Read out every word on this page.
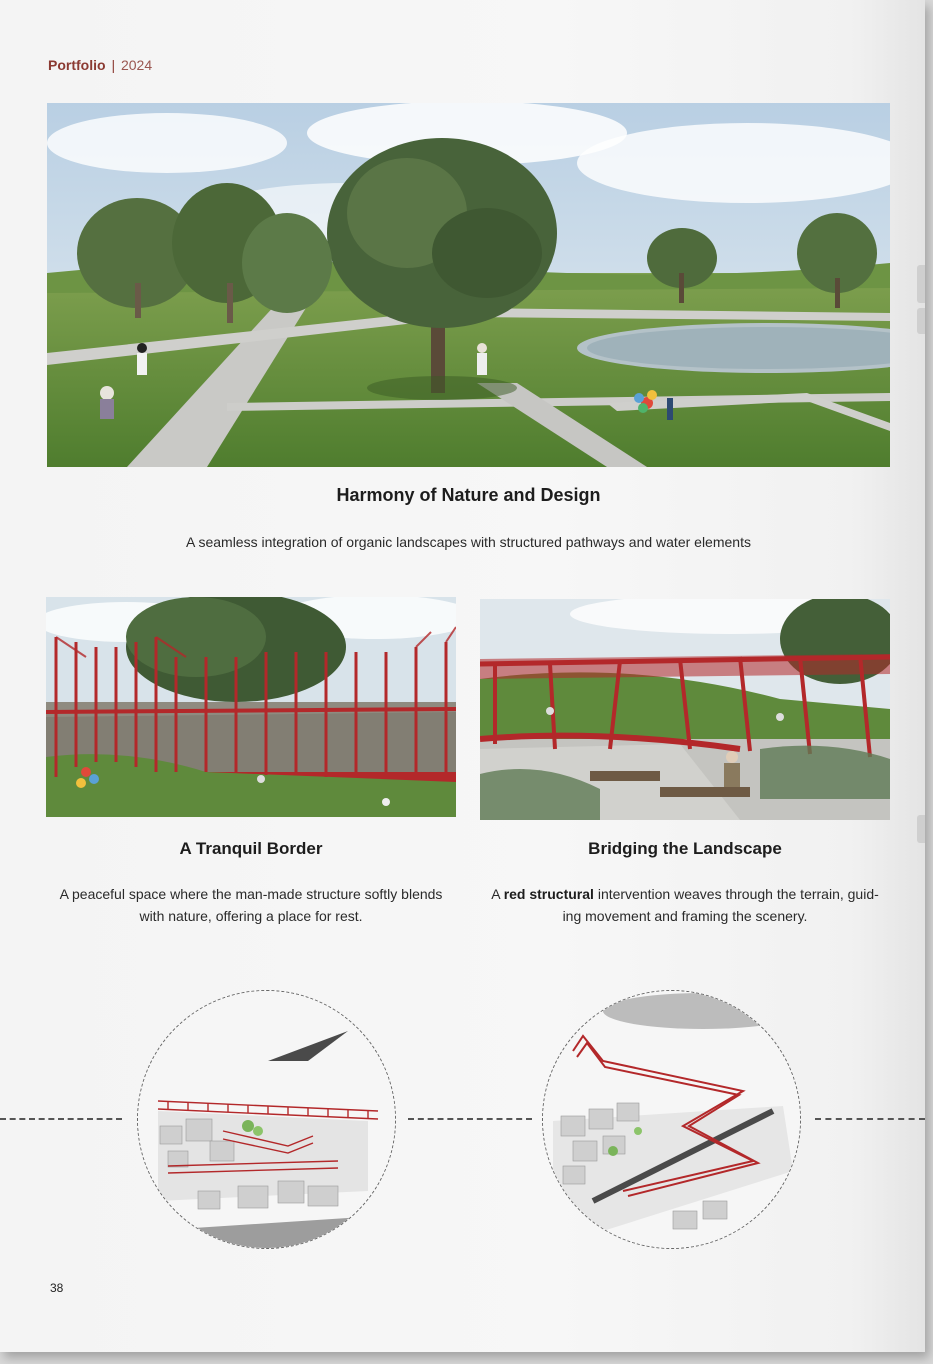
Portfolio | 2024
Harmony of Nature and Design
A seamless integration of organic landscapes with structured pathways and water elements
A Tranquil Border
A peaceful space where the man-made structure softly blends with nature, offering a place for rest.
Bridging the Landscape
A red structural intervention weaves through the terrain, guid-ing movement and framing the scenery.
38
